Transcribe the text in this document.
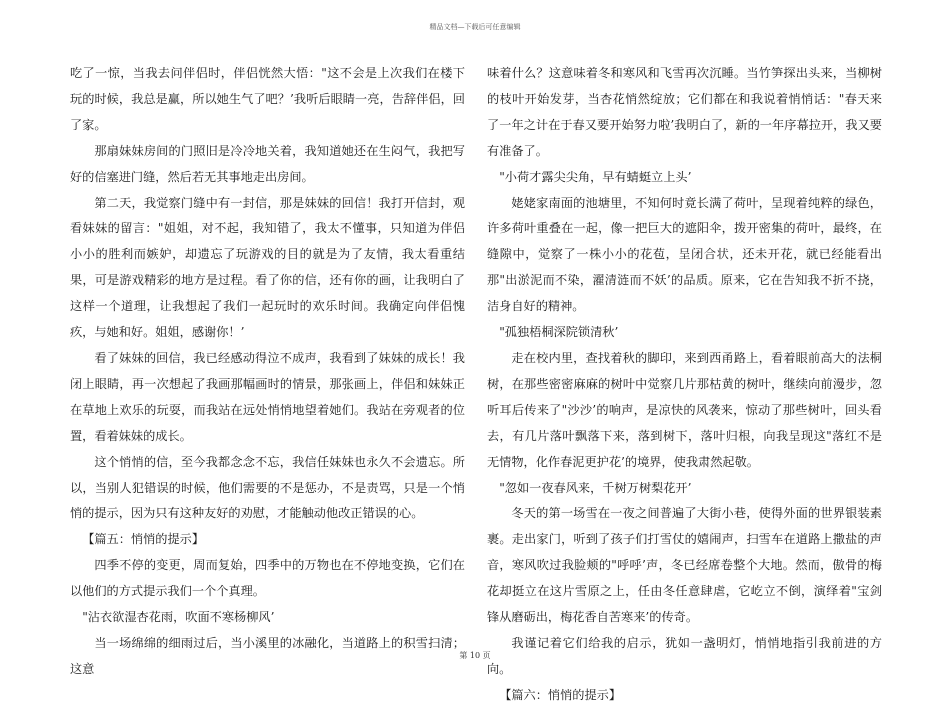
精品文档—下载后可任意编辑

吃了一惊，当我去问伴侣时，伴侣恍然大悟："这不会是上次我们在楼下玩的时候，我总是赢，所以她生气了吧？’我听后眼睛一亮，告辞伴侣，回了家。

那扇妹妹房间的门照旧是冷冷地关着，我知道她还在生闷气，我把写好的信塞进门缝，然后若无其事地走出房间。

第二天，我觉察门缝中有一封信，那是妹妹的回信！我打开信封，观看妹妹的留言："姐姐，对不起，我知错了，我太不懂事，只知道为伴侣小小的胜利而嫉妒，却遗忘了玩游戏的目的就是为了友情，我太看重结果，可是游戏精彩的地方是过程。看了你的信，还有你的画，让我明白了这样一个道理，让我想起了我们一起玩时的欢乐时间。我确定向伴侣愧疚，与她和好。姐姐，感谢你！’

看了妹妹的回信，我已经感动得泣不成声，我看到了妹妹的成长！我闭上眼睛，再一次想起了我画那幅画时的情景，那张画上，伴侣和妹妹正在草地上欢乐的玩耍，而我站在远处悄悄地望着她们。我站在旁观者的位置，看着妹妹的成长。

这个悄悄的信，至今我都念念不忘，我信任妹妹也永久不会遗忘。所以，当别人犯错误的时候，他们需要的不是惩办，不是责骂，只是一个悄悄的提示，因为只有这种友好的劝慰，才能触动他改正错误的心。

【篇五：悄悄的提示】

四季不停的变更，周而复始，四季中的万物也在不停地变换，它们在以他们的方式提示我们一个个真理。

"沾衣欲湿杏花雨，吹面不寒杨柳风’

当一场绵绵的细雨过后，当小溪里的冰融化，当道路上的积雪扫清；这意

味着什么？这意味着冬和寒风和飞雪再次沉睡。当竹笋探出头来，当柳树的枝叶开始发芽，当杏花悄然绽放；它们都在和我说着悄悄话："春天来了一年之计在于春又要开始努力啦’我明白了，新的一年序幕拉开，我又要有准备了。

"小荷才露尖尖角，早有蜻蜓立上头’

姥姥家南面的池塘里，不知何时竟长满了荷叶，呈现着纯粹的绿色，许多荷叶重叠在一起，像一把巨大的遮阳伞，拨开密集的荷叶，最终，在缝隙中，觉察了一株小小的花苞，呈闭合状，还未开花，就已经能看出那"出淤泥而不染，濯清涟而不妖’的品质。原来，它在告知我不折不挠，洁身自好的精神。

"孤独梧桐深院锁清秋’

走在校内里，查找着秋的脚印，来到西甬路上，看着眼前高大的法桐树，在那些密密麻麻的树叶中觉察几片那枯黄的树叶，继续向前漫步，忽听耳后传来了"沙沙’的响声，是凉快的风袭来，惊动了那些树叶，回头看去，有几片落叶飘落下来，落到树下，落叶归根，向我呈现这"落红不是无情物，化作春泥更护花’的境界，使我肃然起敬。

"忽如一夜春风来，千树万树梨花开’

冬天的第一场雪在一夜之间普遍了大街小巷，使得外面的世界银装素裹。走出家门，听到了孩子们打雪仗的嬉闹声，扫雪车在道路上撒盐的声音，寒风吹过我脸颊的"呼呼’声，冬已经席卷整个大地。然而，傲骨的梅花却挺立在这片雪原之上，任由冬任意肆虐，它屹立不倒，演绎着"宝剑锋从磨砺出，梅花香自苦寒来’的传奇。

我谨记着它们给我的启示，犹如一盏明灯，悄悄地指引我前进的方向。

【篇六：悄悄的提示】

第 10 页
